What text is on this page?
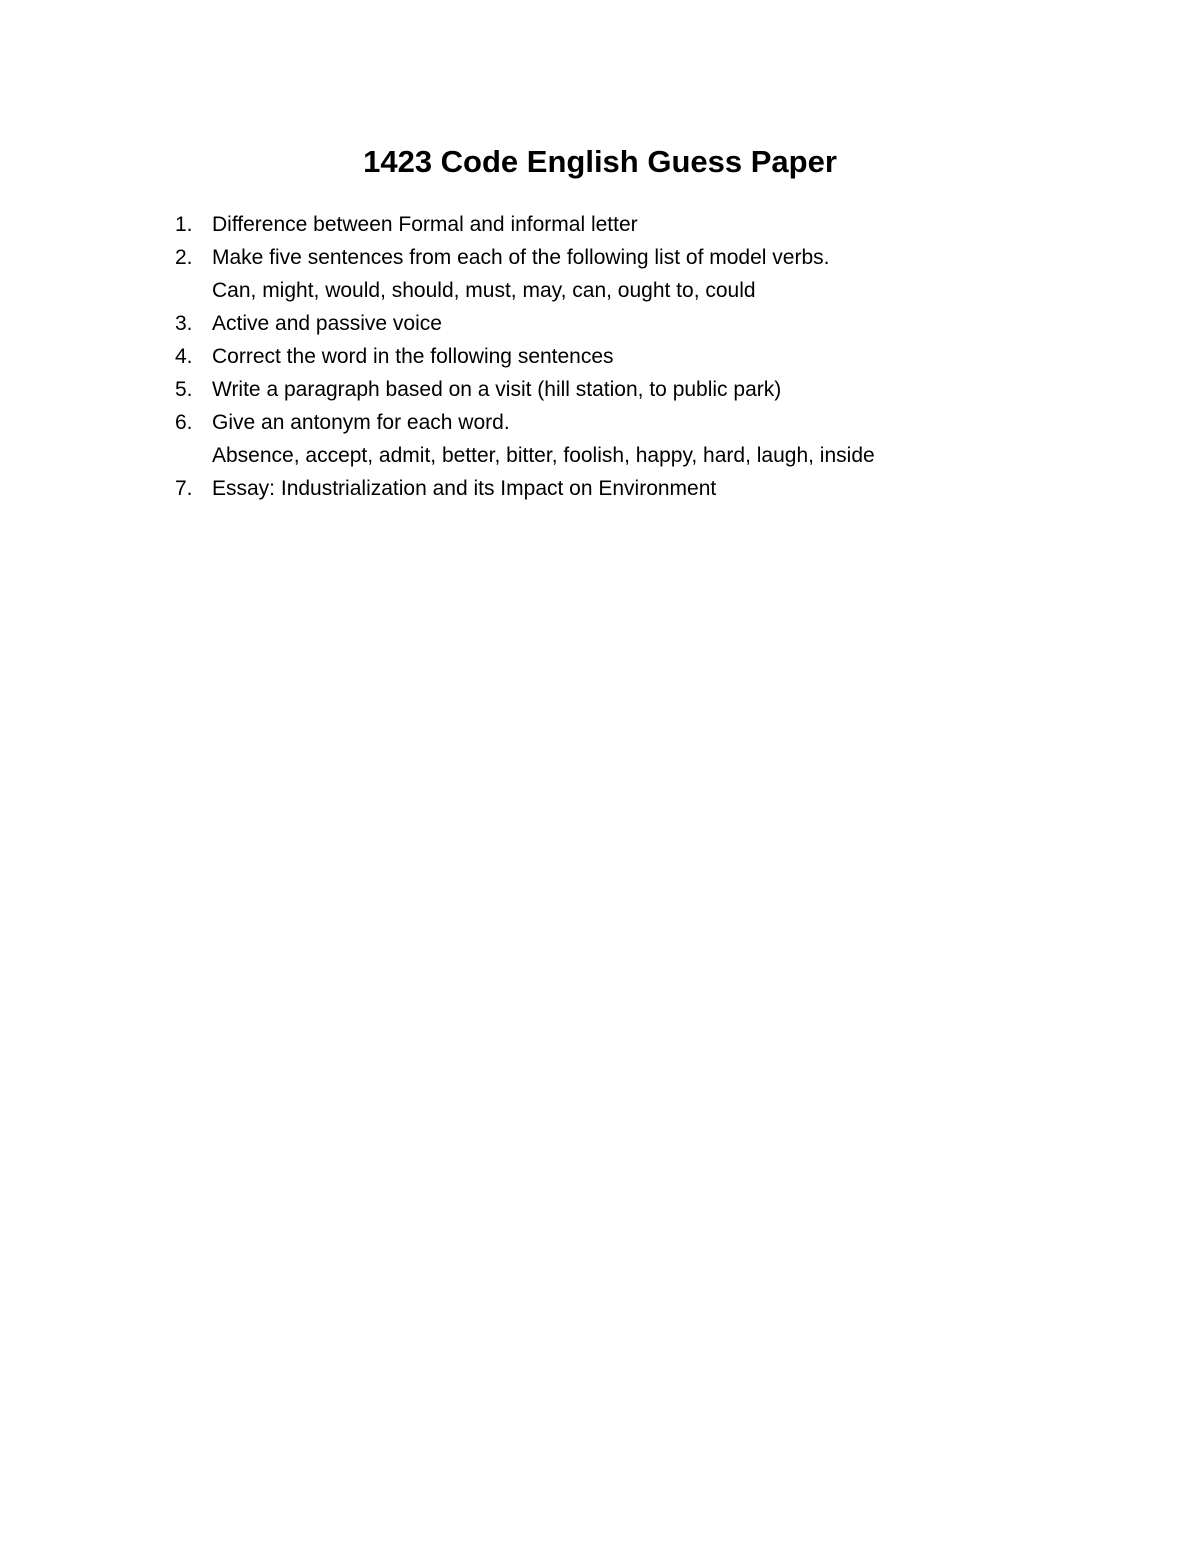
1423 Code English Guess Paper
1. Difference between Formal and informal letter
2. Make five sentences from each of the following list of model verbs.
Can, might, would, should, must, may, can, ought to, could
3. Active and passive voice
4. Correct the word in the following sentences
5. Write a paragraph based on a visit (hill station, to public park)
6. Give an antonym for each word.
Absence, accept, admit, better, bitter, foolish, happy, hard, laugh, inside
7. Essay: Industrialization and its Impact on Environment
